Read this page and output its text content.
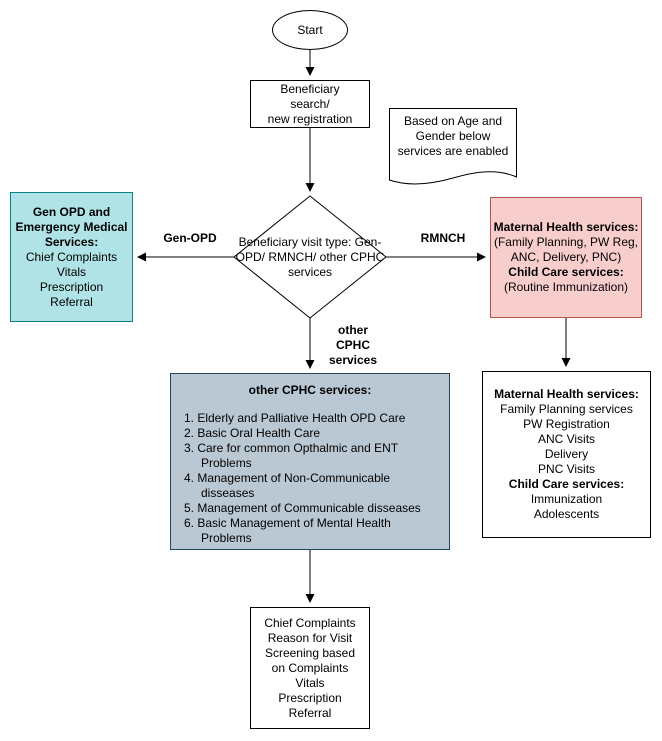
Start
Beneficiary
search/
new registration	Based on Age and
Gender below
services are enabled
Beneficiary visit type: Gen-OPD/ RMNCH/ other CPHC services
Gen-OPD	RMNCH
other CPHC services
Gen OPD and Emergency Medical Services:
Chief Complaints
Vitals
Prescription
Referral
Maternal Health services:
(Family Planning, PW Reg, ANC, Delivery, PNC)
Child Care services:
(Routine Immunization)
other CPHC services:
1. Elderly and Palliative Health OPD Care
2. Basic Oral Health Care
3. Care for common Opthalmic and ENT Problems
4. Management of Non-Communicable disseases
5. Management of Communicable disseases
6. Basic Management of Mental Health Problems
Maternal Health services:
Family Planning services
PW Registration
ANC Visits
Delivery
PNC Visits
Child Care services:
Immunization
Adolescents
Chief Complaints
Reason for Visit
Screening based
on Complaints
Vitals
Prescription
Referral
